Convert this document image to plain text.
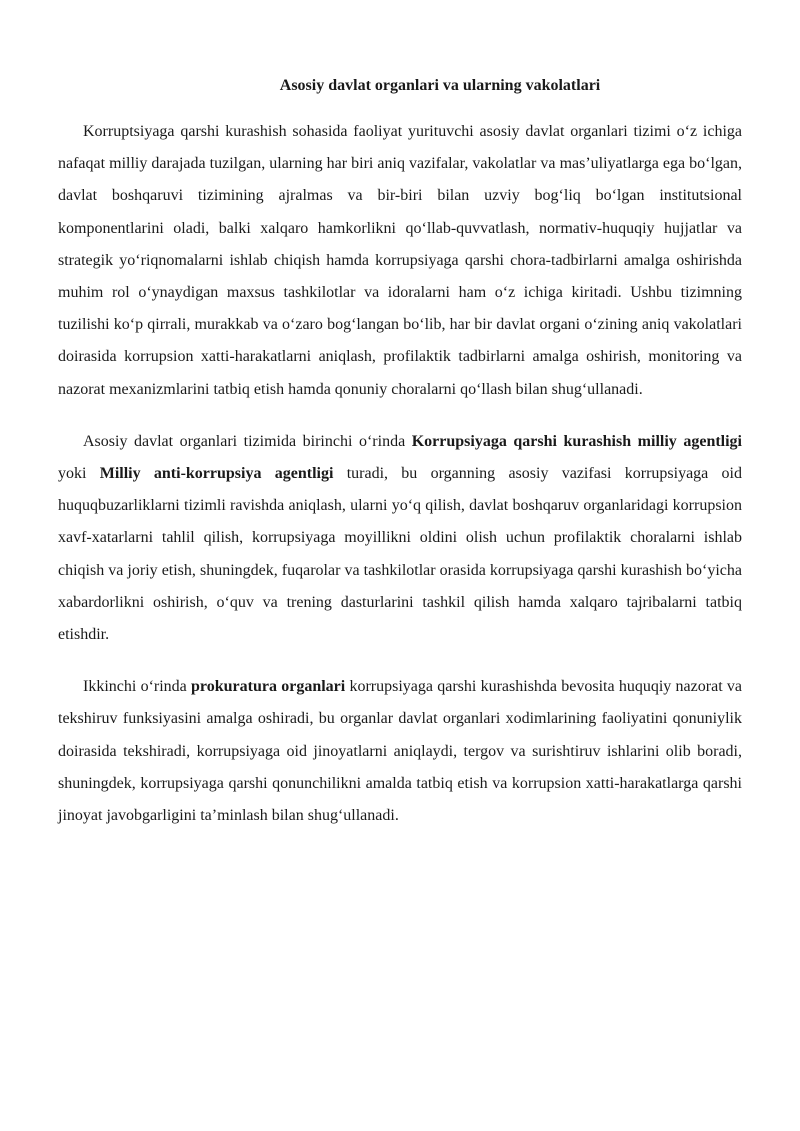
Asosiy davlat organlari va ularning vakolatlari

Korruptsiyaga qarshi kurashish sohasida faoliyat yurituvchi asosiy davlat organlari tizimi o‘z ichiga nafaqat milliy darajada tuzilgan, ularning har biri aniq vazifalar, vakolatlar va mas’uliyatlarga ega bo‘lgan, davlat boshqaruvi tizimining ajralmas va bir-biri bilan uzviy bog‘liq bo‘lgan institutsional komponentlarini oladi, balki xalqaro hamkorlikni qo‘llab-quvvatlash, normativ-huquqiy hujjatlar va strategik yo‘riqnomalarni ishlab chiqish hamda korrupsiyaga qarshi chora-tadbirlarni amalga oshirishda muhim rol o‘ynaydigan maxsus tashkilotlar va idoralarni ham o‘z ichiga kiritadi. Ushbu tizimning tuzilishi ko‘p qirrali, murakkab va o‘zaro bog‘langan bo‘lib, har bir davlat organi o‘zining aniq vakolatlari doirasida korrupsion xatti-harakatlarni aniqlash, profilaktik tadbirlarni amalga oshirish, monitoring va nazorat mexanizmlarini tatbiq etish hamda qonuniy choralarni qo‘llash bilan shug‘ullanadi.

Asosiy davlat organlari tizimida birinchi o‘rinda Korrupsiyaga qarshi kurashish milliy agentligi yoki Milliy anti-korrupsiya agentligi turadi, bu organning asosiy vazifasi korrupsiyaga oid huquqbuzarliklarni tizimli ravishda aniqlash, ularni yo‘q qilish, davlat boshqaruv organlaridagi korrupsion xavf-xatarlarni tahlil qilish, korrupsiyaga moyillikni oldini olish uchun profilaktik choralarni ishlab chiqish va joriy etish, shuningdek, fuqarolar va tashkilotlar orasida korrupsiyaga qarshi kurashish bo‘yicha xabardorlikni oshirish, o‘quv va trening dasturlarini tashkil qilish hamda xalqaro tajribalarni tatbiq etishdir.

Ikkinchi o‘rinda prokuratura organlari korrupsiyaga qarshi kurashishda bevosita huquqiy nazorat va tekshiruv funksiyasini amalga oshiradi, bu organlar davlat organlari xodimlarining faoliyatini qonuniylik doirasida tekshiradi, korrupsiyaga oid jinoyatlarni aniqlaydi, tergov va surishtiruv ishlarini olib boradi, shuningdek, korrupsiyaga qarshi qonunchilikni amalda tatbiq etish va korrupsion xatti-harakatlarga qarshi jinoyat javobgarligini ta’minlash bilan shug‘ullanadi.
